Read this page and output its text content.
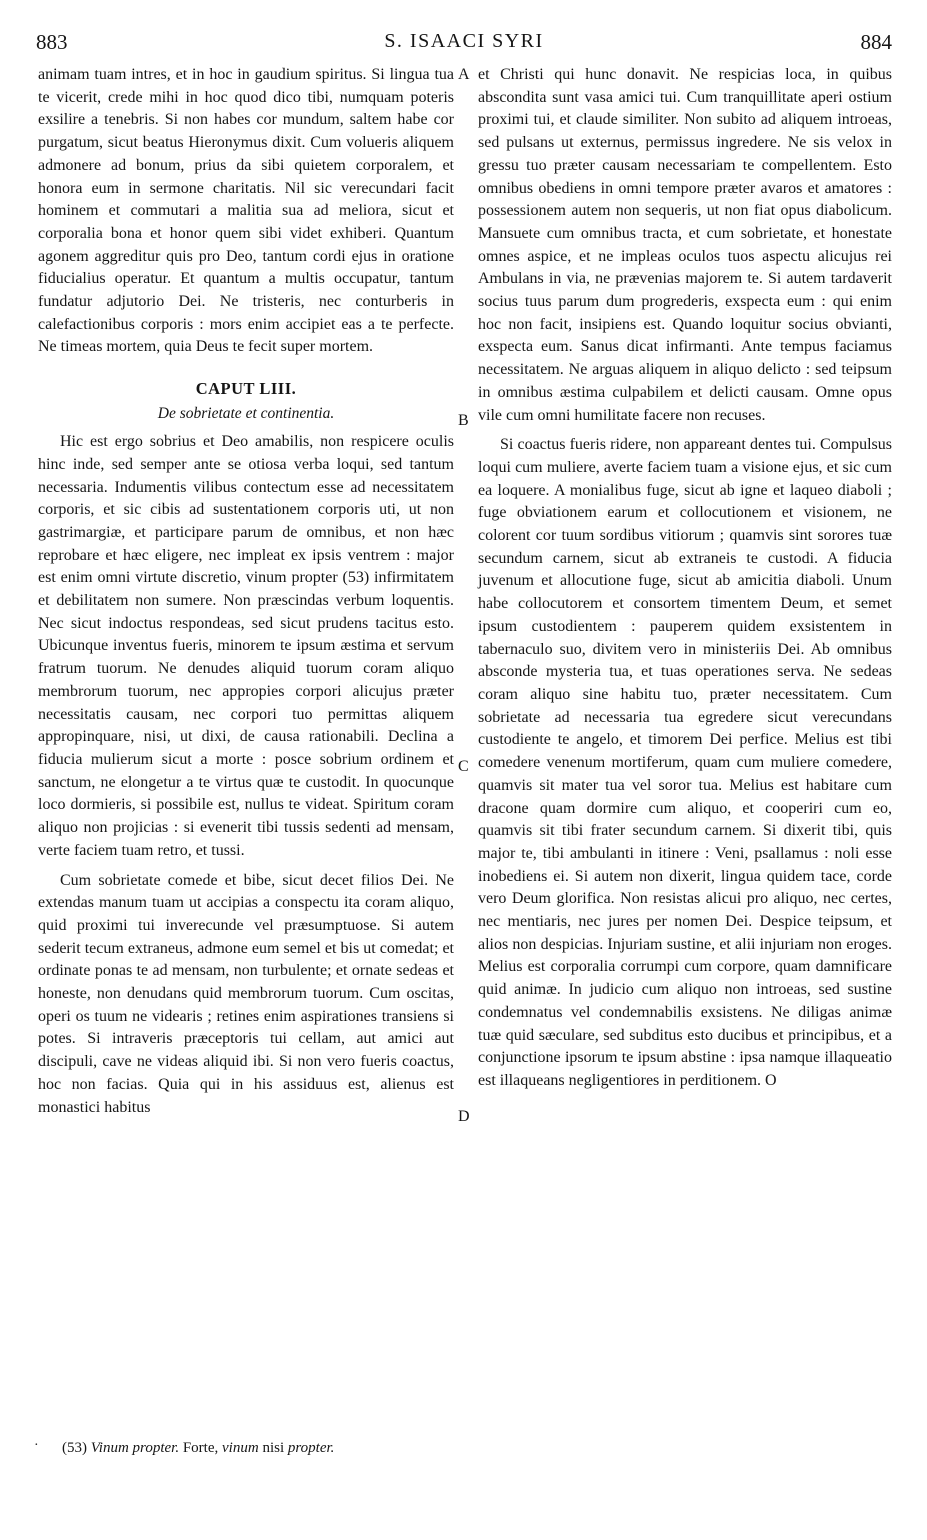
883	S. ISAACI SYRI	884

animam tuam intres, et in hoc in gaudium spiritus. Si lingua tua te vicerit, crede mihi in hoc quod dico tibi, numquam poteris exsilire a tenebris. Si non habes cor mundum, saltem habe cor purgatum, sicut beatus Hieronymus dixit. Cum volueris aliquem admonere ad bonum, prius da sibi quietem corporalem, et honora eum in sermone charitatis. Nil sic verecundari facit hominem et commutari a malitia sua ad meliora, sicut et corporalia bona et honor quem sibi videt exhiberi. Quantum agonem aggreditur quis pro Deo, tantum cordi ejus in oratione fiducialius operatur. Et quantum a multis occupatur, tantum fundatur adjutorio Dei. Ne tristeris, nec conturberis in calefactionibus corporis : mors enim accipiet eas a te perfecte. Ne timeas mortem, quia Deus te fecit super mortem.

CAPUT LIII.
De sobrietate et continentia.

Hic est ergo sobrius et Deo amabilis, non respicere oculis hinc inde, sed semper ante se otiosa verba loqui, sed tantum necessaria. Indumentis vilibus contectum esse ad necessitatem corporis, et sic cibis ad sustentationem corporis uti, ut non gastrimargiæ, et participare parum de omnibus, et non hæc reprobare et hæc eligere, nec impleat ex ipsis ventrem : major est enim omni virtute discretio, vinum propter (53) infirmitatem et debilitatem non sumere. Non præscindas verbum loquentis. Nec sicut indoctus respondeas, sed sicut prudens tacitus esto. Ubicunque inventus fueris, minorem te ipsum æstima et servum fratrum tuorum. Ne denudes aliquid tuorum coram aliquo membrorum tuorum, nec appropies corpori alicujus præter necessitatis causam, nec corpori tuo permittas aliquem appropinquare, nisi, ut dixi, de causa rationabili. Declina a fiducia mulierum sicut a morte : posce sobrium ordinem et sanctum, ne elongetur a te virtus quæ te custodit. In quocunque loco dormieris, si possibile est, nullus te videat. Spiritum coram aliquo non projicias : si evenerit tibi tussis sedenti ad mensam, verte faciem tuam retro, et tussi.

Cum sobrietate comede et bibe, sicut decet filios Dei. Ne extendas manum tuam ut accipias a conspectu ita coram aliquo, quid proximi tui inverecunde vel præsumptuose. Si autem sederit tecum extraneus, admone eum semel et bis ut comedat; et ordinate ponas te ad mensam, non turbulente; et ornate sedeas et honeste, non denudans quid membrorum tuorum. Cum oscitas, operi os tuum ne videaris ; retines enim aspirationes transiens si potes. Si intraveris præceptoris tui cellam, aut amici aut discipuli, cave ne videas aliquid ibi. Si non vero fueris coactus, hoc non facias. Quia qui in his assiduus est, alienus est monastici habitus

A
B
C
D

et Christi qui hunc donavit. Ne respicias loca, in quibus abscondita sunt vasa amici tui. Cum tranquillitate aperi ostium proximi tui, et claude similiter. Non subito ad aliquem introeas, sed pulsans ut externus, permissus ingredere. Ne sis velox in gressu tuo præter causam necessariam te compellentem. Esto omnibus obediens in omni tempore præter avaros et amatores : possessionem autem non sequeris, ut non fiat opus diabolicum. Mansuete cum omnibus tracta, et cum sobrietate, et honestate omnes aspice, et ne impleas oculos tuos aspectu alicujus rei Ambulans in via, ne prævenias majorem te. Si autem tardaverit socius tuus parum dum progrederis, exspecta eum : qui enim hoc non facit, insipiens est. Quando loquitur socius obvianti, exspecta eum. Sanus dicat infirmanti. Ante tempus faciamus necessitatem. Ne arguas aliquem in aliquo delicto : sed teipsum in omnibus æstima culpabilem et delicti causam. Omne opus vile cum omni humilitate facere non recuses.

Si coactus fueris ridere, non appareant dentes tui. Compulsus loqui cum muliere, averte faciem tuam a visione ejus, et sic cum ea loquere. A monialibus fuge, sicut ab igne et laqueo diaboli ; fuge obviationem earum et collocutionem et visionem, ne colorent cor tuum sordibus vitiorum ; quamvis sint sorores tuæ secundum carnem, sicut ab extraneis te custodi. A fiducia juvenum et allocutione fuge, sicut ab amicitia diaboli. Unum habe collocutorem et consortem timentem Deum, et semet ipsum custodientem : pauperem quidem exsistentem in tabernaculo suo, divitem vero in ministeriis Dei. Ab omnibus absconde mysteria tua, et tuas operationes serva. Ne sedeas coram aliquo sine habitu tuo, præter necessitatem. Cum sobrietate ad necessaria tua egredere sicut verecundans custodiente te angelo, et timorem Dei perfice. Melius est tibi comedere venenum mortiferum, quam cum muliere comedere, quamvis sit mater tua vel soror tua. Melius est habitare cum dracone quam dormire cum aliquo, et cooperiri cum eo, quamvis sit tibi frater secundum carnem. Si dixerit tibi, quis major te, tibi ambulanti in itinere : Veni, psallamus : noli esse inobediens ei. Si autem non dixerit, lingua quidem tace, corde vero Deum glorifica. Non resistas alicui pro aliquo, nec certes, nec mentiaris, nec jures per nomen Dei. Despice teipsum, et alios non despicias. Injuriam sustine, et alii injuriam non eroges. Melius est corporalia corrumpi cum corpore, quam damnificare quid animæ. In judicio cum aliquo non introeas, sed sustine condemnatus vel condemnabilis exsistens. Ne diligas animæ tuæ quid sæculare, sed subditus esto ducibus et principibus, et a conjunctione ipsorum te ipsum abstine : ipsa namque illaqueatio est illaqueans negligentiores in perditionem. O

· (53) Vinum propter. Forte, vinum nisi propter.
